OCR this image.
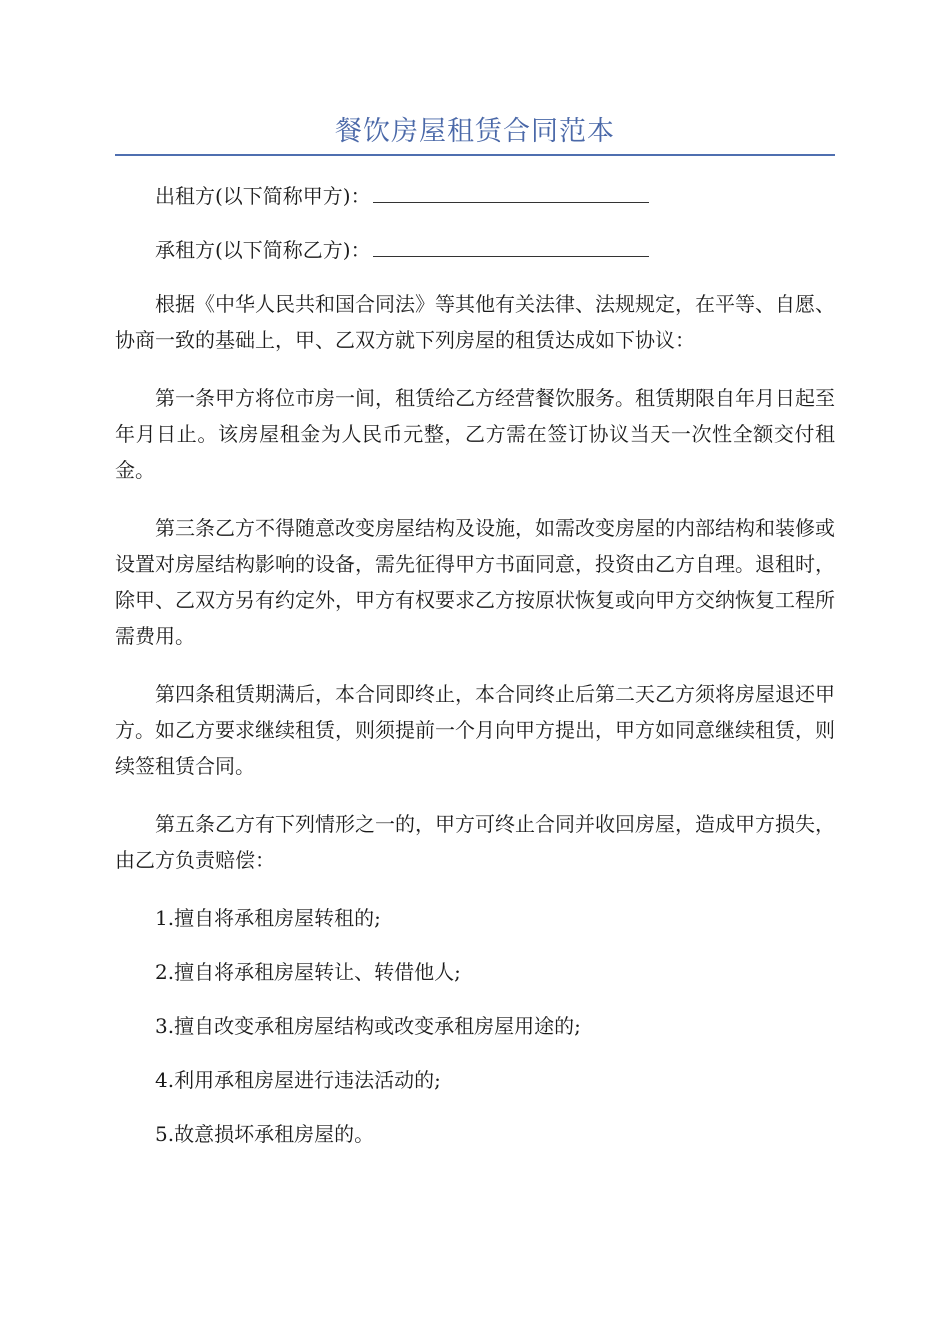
餐饮房屋租赁合同范本

出租方(以下简称甲方)：

承租方(以下简称乙方)：

根据《中华人民共和国合同法》等其他有关法律、法规规定，在平等、自愿、协商一致的基础上，甲、乙双方就下列房屋的租赁达成如下协议：

第一条甲方将位市房一间，租赁给乙方经营餐饮服务。租赁期限自年月日起至年月日止。该房屋租金为人民币元整，乙方需在签订协议当天一次性全额交付租金。

第三条乙方不得随意改变房屋结构及设施，如需改变房屋的内部结构和装修或设置对房屋结构影响的设备，需先征得甲方书面同意，投资由乙方自理。退租时，除甲、乙双方另有约定外，甲方有权要求乙方按原状恢复或向甲方交纳恢复工程所需费用。

第四条租赁期满后，本合同即终止，本合同终止后第二天乙方须将房屋退还甲方。如乙方要求继续租赁，则须提前一个月向甲方提出，甲方如同意继续租赁，则续签租赁合同。

第五条乙方有下列情形之一的，甲方可终止合同并收回房屋，造成甲方损失，由乙方负责赔偿：

1.擅自将承租房屋转租的;

2.擅自将承租房屋转让、转借他人;

3.擅自改变承租房屋结构或改变承租房屋用途的;

4.利用承租房屋进行违法活动的;

5.故意损坏承租房屋的。
